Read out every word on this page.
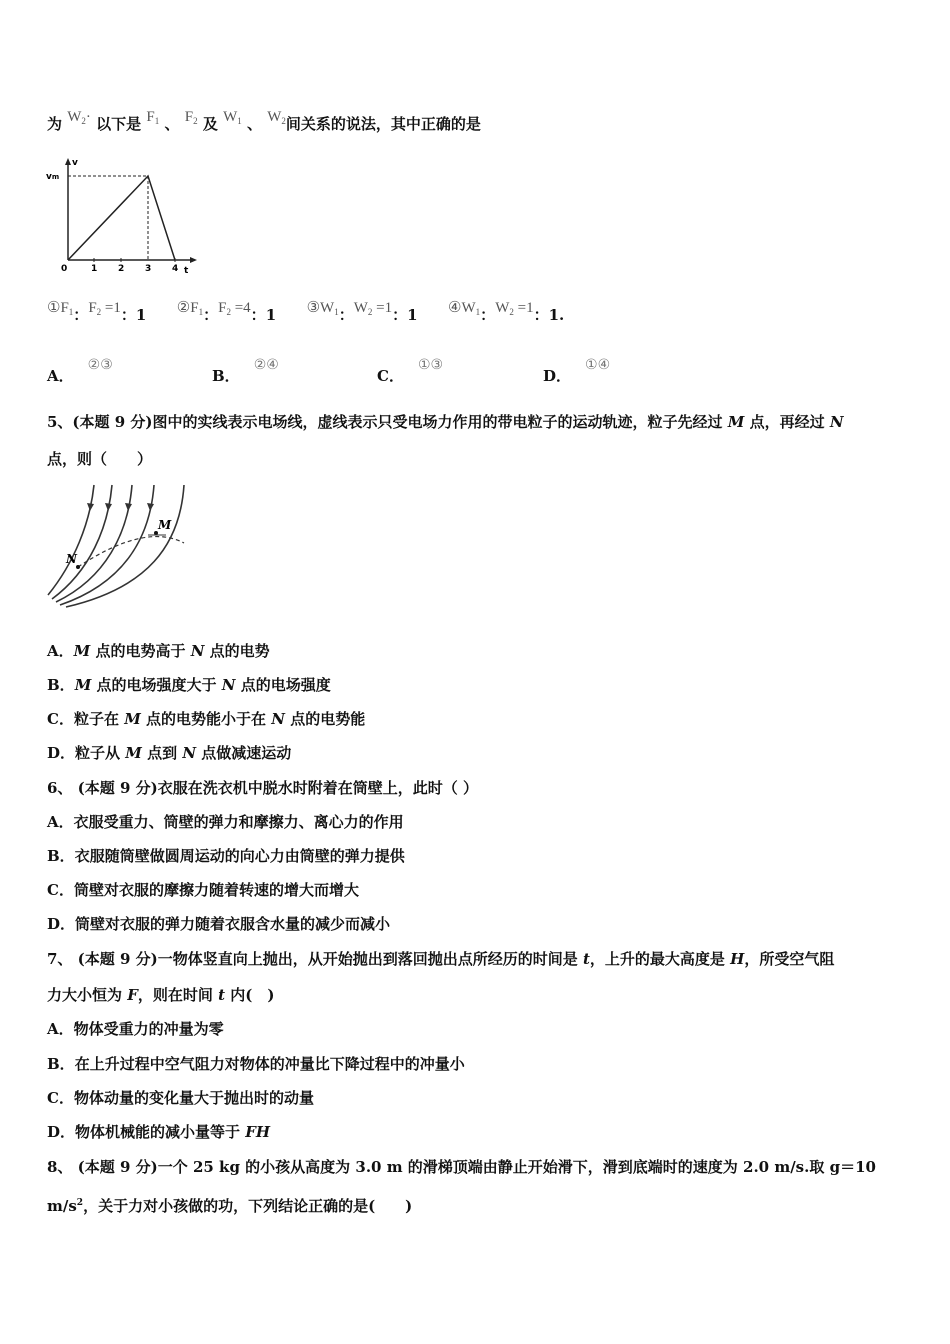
为 $W_2\cdot$ 以下是 $F_1$ 、 $F_2$ 及 $W_1$ 、 $W_2$间关系的说法，其中正确的是
v
vm
0	1 2 3 4 t
$①F_1$：$F_2 =1$：1 $②F_1$：$F_2 =4$：1 $③W_1$：$W_2 =1$：1 $④W_1$：$W_2 =1$：1.
A．②③
B．②④
C．①③
D．①④
5、(本题 9 分)图中的实线表示电场线，虚线表示只受电场力作用的带电粒子的运动轨迹，粒子先经过 M 点，再经过 N
点，则（　　）
M
N
A．M 点的电势高于 N 点的电势
B．M 点的电场强度大于 N 点的电场强度
C．粒子在 M 点的电势能小于在 N 点的电势能
D．粒子从 M 点到 N 点做减速运动
6、 (本题 9 分)衣服在洗衣机中脱水时附着在筒壁上，此时（ ）
A．衣服受重力、筒壁的弹力和摩擦力、离心力的作用
B．衣服随筒壁做圆周运动的向心力由筒壁的弹力提供
C．筒壁对衣服的摩擦力随着转速的增大而增大
D．筒壁对衣服的弹力随着衣服含水量的减少而减小
7、 (本题 9 分)一物体竖直向上抛出，从开始抛出到落回抛出点所经历的时间是 t，上升的最大高度是 H，所受空气阻
力大小恒为 F，则在时间 t 内(　)
A．物体受重力的冲量为零
B．在上升过程中空气阻力对物体的冲量比下降过程中的冲量小
C．物体动量的变化量大于抛出时的动量
D．物体机械能的减小量等于 FH
8、 (本题 9 分)一个 25 kg 的小孩从高度为 3.0 m 的滑梯顶端由静止开始滑下，滑到底端时的速度为 2.0 m/s.取 g＝10
$m/s^2$，关于力对小孩做的功，下列结论正确的是(　　)
